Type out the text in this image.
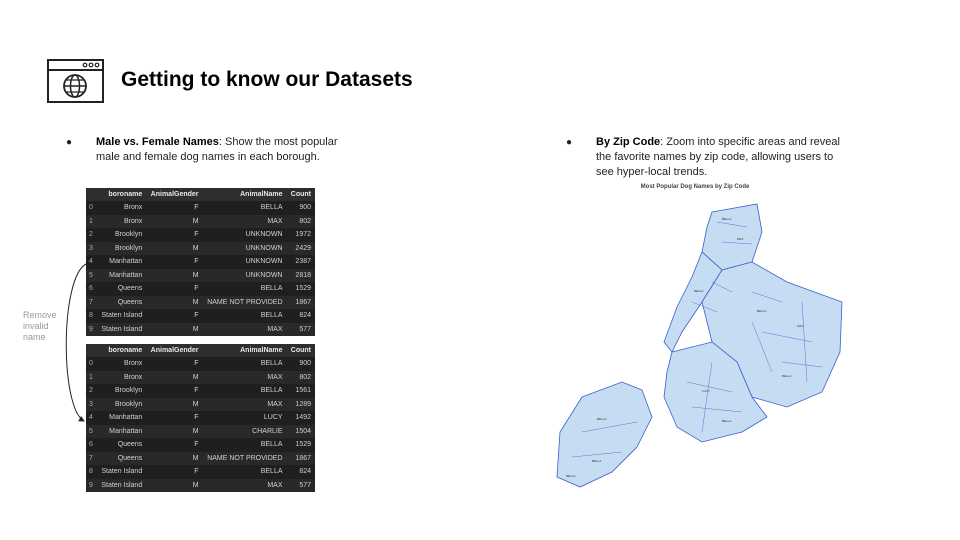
Getting to know our Datasets
● Male vs. Female Names: Show the most popular male and female dog names in each borough.
● By Zip Code: Zoom into specific areas and reveal the favorite names by zip code, allowing users to see hyper-local trends.
	boroname	AnimalGender	AnimalName	Count
0	Bronx	F	BELLA	900
1	Bronx	M	MAX	802
2	Brooklyn	F	UNKNOWN	1972
3	Brooklyn	M	UNKNOWN	2429
4	Manhattan	F	UNKNOWN	2387
5	Manhattan	M	UNKNOWN	2818
6	Queens	F	BELLA	1529
7	Queens	M	NAME NOT PROVIDED	1867
8	Staten Island	F	BELLA	824
9	Staten Island	M	MAX	577
	boroname	AnimalGender	AnimalName	Count
0	Bronx	F	BELLA	900
1	Bronx	M	MAX	802
2	Brooklyn	F	BELLA	1561
3	Brooklyn	M	MAX	1289
4	Manhattan	F	LUCY	1492
5	Manhattan	M	CHARLIE	1504
6	Queens	F	BELLA	1529
7	Queens	M	NAME NOT PROVIDED	1867
8	Staten Island	F	BELLA	824
9	Staten Island	M	MAX	577
Remove invalid name
Most Popular Dog Names by Zip Code
BELLA
MAX
BELLA
BELLA
MAX
BELLA
LUCY
BELLA
BELLA
BELLA
BELLA
